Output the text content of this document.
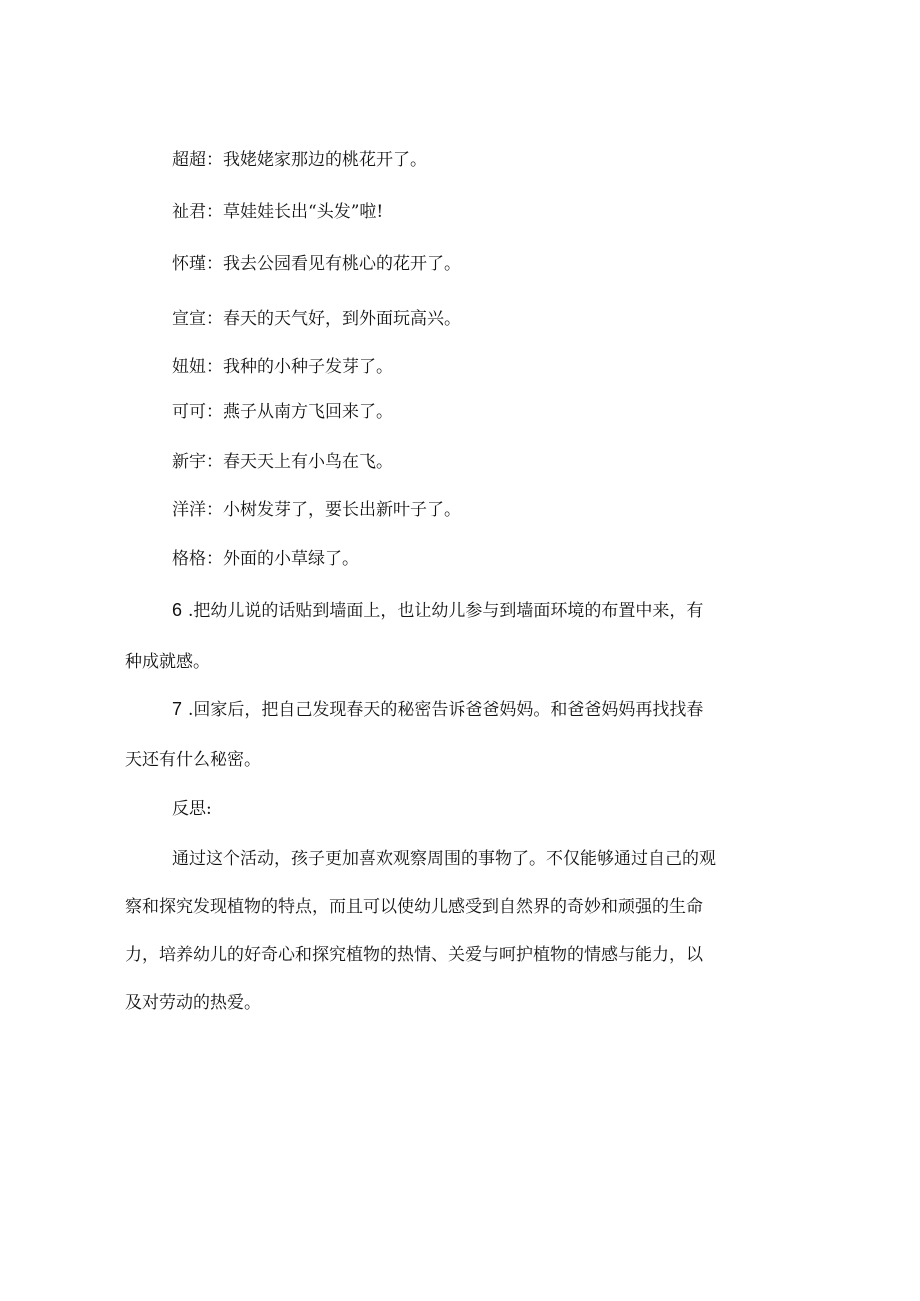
超超：我姥姥家那边的桃花开了。

祉君：草娃娃长出“头发”啦!

怀瑾：我去公园看见有桃心的花开了。

宣宣：春天的天气好，到外面玩高兴。

妞妞：我种的小种子发芽了。

可可：燕子从南方飞回来了。

新宇：春天天上有小鸟在飞。

洋洋：小树发芽了，要长出新叶子了。

格格：外面的小草绿了。

6 .把幼儿说的话贴到墙面上，也让幼儿参与到墙面环境的布置中来，有

种成就感。

7 .回家后，把自己发现春天的秘密告诉爸爸妈妈。和爸爸妈妈再找找春

天还有什么秘密。

反思:

通过这个活动，孩子更加喜欢观察周围的事物了。不仅能够通过自己的观

察和探究发现植物的特点，而且可以使幼儿感受到自然界的奇妙和顽强的生命

力，培养幼儿的好奇心和探究植物的热情、关爱与呵护植物的情感与能力，以

及对劳动的热爱。
